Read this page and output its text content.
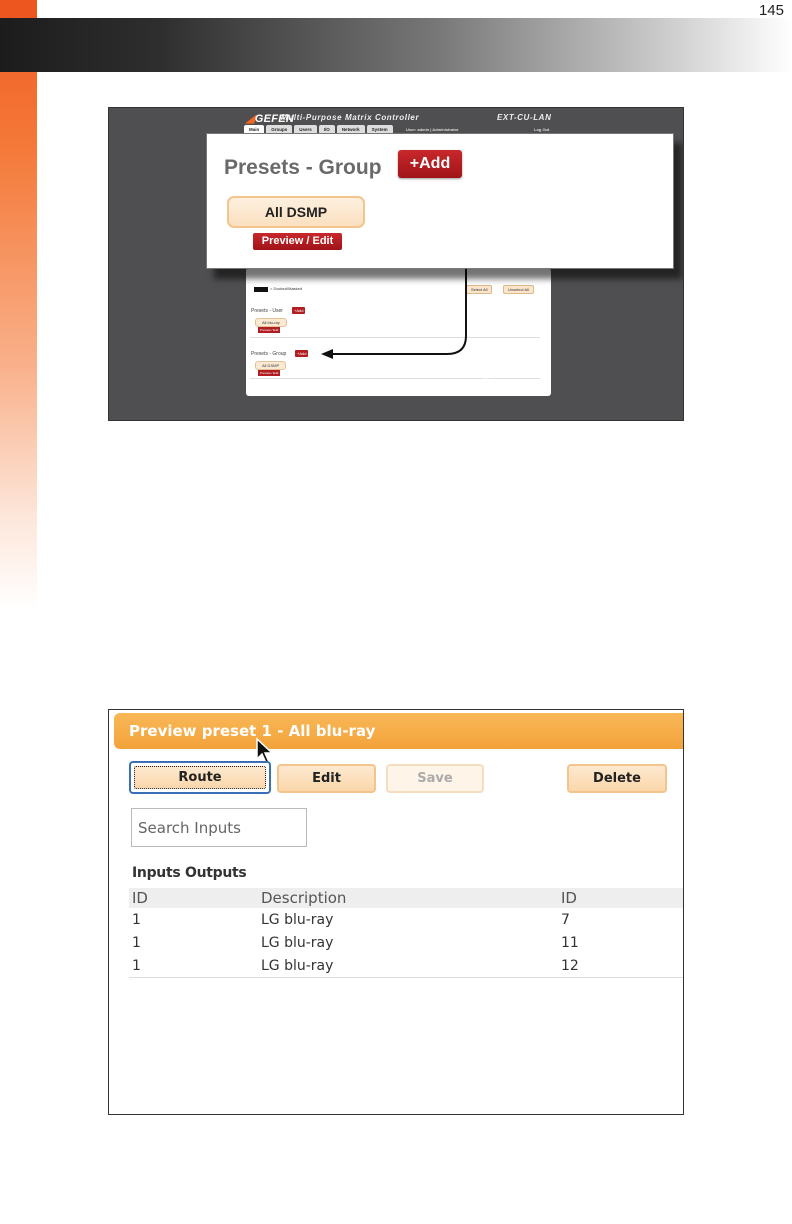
145
◢GEFEN
Multi-Purpose Matrix Controller	EXT-CU-LAN
Main	Groups	Users	I/O	Network	System	User: admin | Administrator	Log Out
= Docked/Masked	Select All	Unselect All
Presets - User	+Add
All blu-ray
Preview / Edit
Presets - Group	+Add
All DSMP
Preview / Edit
Presets - Group	+Add
All DSMP
Preview / Edit
Preview preset 1 - All blu-ray
Route	Edit	Save	Delete
Search Inputs
Inputs Outputs
ID	Description	ID
1	LG blu-ray	7
1	LG blu-ray	11
1	LG blu-ray	12
